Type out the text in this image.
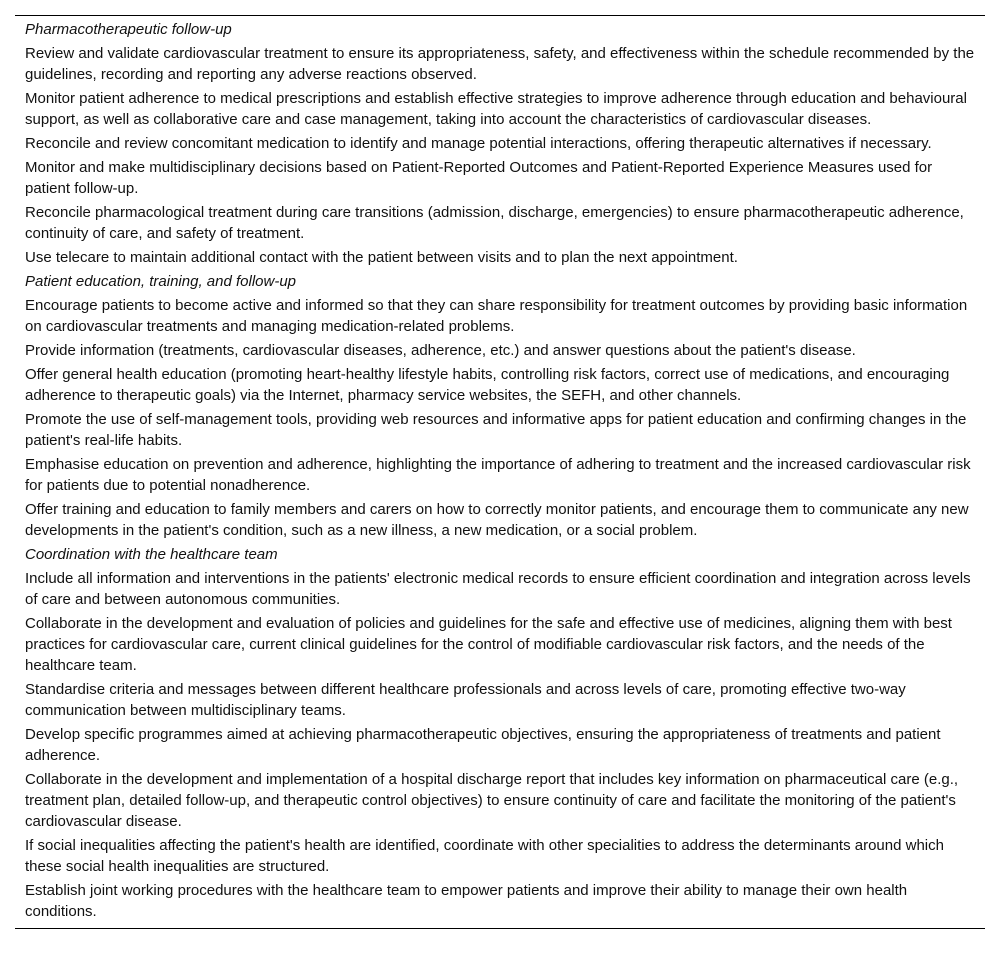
Pharmacotherapeutic follow-up
Review and validate cardiovascular treatment to ensure its appropriateness, safety, and effectiveness within the schedule recommended by the guidelines, recording and reporting any adverse reactions observed.
Monitor patient adherence to medical prescriptions and establish effective strategies to improve adherence through education and behavioural support, as well as collaborative care and case management, taking into account the characteristics of cardiovascular diseases.
Reconcile and review concomitant medication to identify and manage potential interactions, offering therapeutic alternatives if necessary.
Monitor and make multidisciplinary decisions based on Patient-Reported Outcomes and Patient-Reported Experience Measures used for patient follow-up.
Reconcile pharmacological treatment during care transitions (admission, discharge, emergencies) to ensure pharmacotherapeutic adherence, continuity of care, and safety of treatment.
Use telecare to maintain additional contact with the patient between visits and to plan the next appointment.
Patient education, training, and follow-up
Encourage patients to become active and informed so that they can share responsibility for treatment outcomes by providing basic information on cardiovascular treatments and managing medication-related problems.
Provide information (treatments, cardiovascular diseases, adherence, etc.) and answer questions about the patient's disease.
Offer general health education (promoting heart-healthy lifestyle habits, controlling risk factors, correct use of medications, and encouraging adherence to therapeutic goals) via the Internet, pharmacy service websites, the SEFH, and other channels.
Promote the use of self-management tools, providing web resources and informative apps for patient education and confirming changes in the patient's real-life habits.
Emphasise education on prevention and adherence, highlighting the importance of adhering to treatment and the increased cardiovascular risk for patients due to potential nonadherence.
Offer training and education to family members and carers on how to correctly monitor patients, and encourage them to communicate any new developments in the patient's condition, such as a new illness, a new medication, or a social problem.
Coordination with the healthcare team
Include all information and interventions in the patients' electronic medical records to ensure efficient coordination and integration across levels of care and between autonomous communities.
Collaborate in the development and evaluation of policies and guidelines for the safe and effective use of medicines, aligning them with best practices for cardiovascular care, current clinical guidelines for the control of modifiable cardiovascular risk factors, and the needs of the healthcare team.
Standardise criteria and messages between different healthcare professionals and across levels of care, promoting effective two-way communication between multidisciplinary teams.
Develop specific programmes aimed at achieving pharmacotherapeutic objectives, ensuring the appropriateness of treatments and patient adherence.
Collaborate in the development and implementation of a hospital discharge report that includes key information on pharmaceutical care (e.g., treatment plan, detailed follow-up, and therapeutic control objectives) to ensure continuity of care and facilitate the monitoring of the patient's cardiovascular disease.
If social inequalities affecting the patient's health are identified, coordinate with other specialities to address the determinants around which these social health inequalities are structured.
Establish joint working procedures with the healthcare team to empower patients and improve their ability to manage their own health conditions.
